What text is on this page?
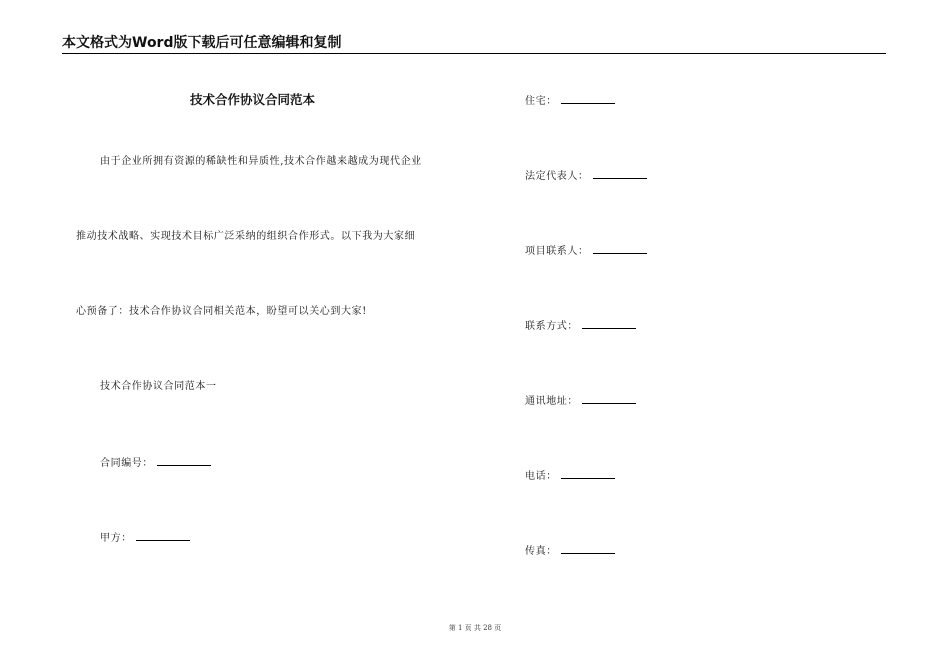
本文格式为Word版下载后可任意编辑和复制
技术合作协议合同范本
由于企业所拥有资源的稀缺性和异质性,技术合作越来越成为现代企业
推动技术战略、实现技术目标广泛采纳的组织合作形式。以下我为大家细
心预备了：技术合作协议合同相关范本，盼望可以关心到大家!
技术合作协议合同范本一
合同编号：
甲方：
住宅：
法定代表人：
项目联系人：
联系方式：
通讯地址：
电话：
传真：
第 1 页 共 28 页
